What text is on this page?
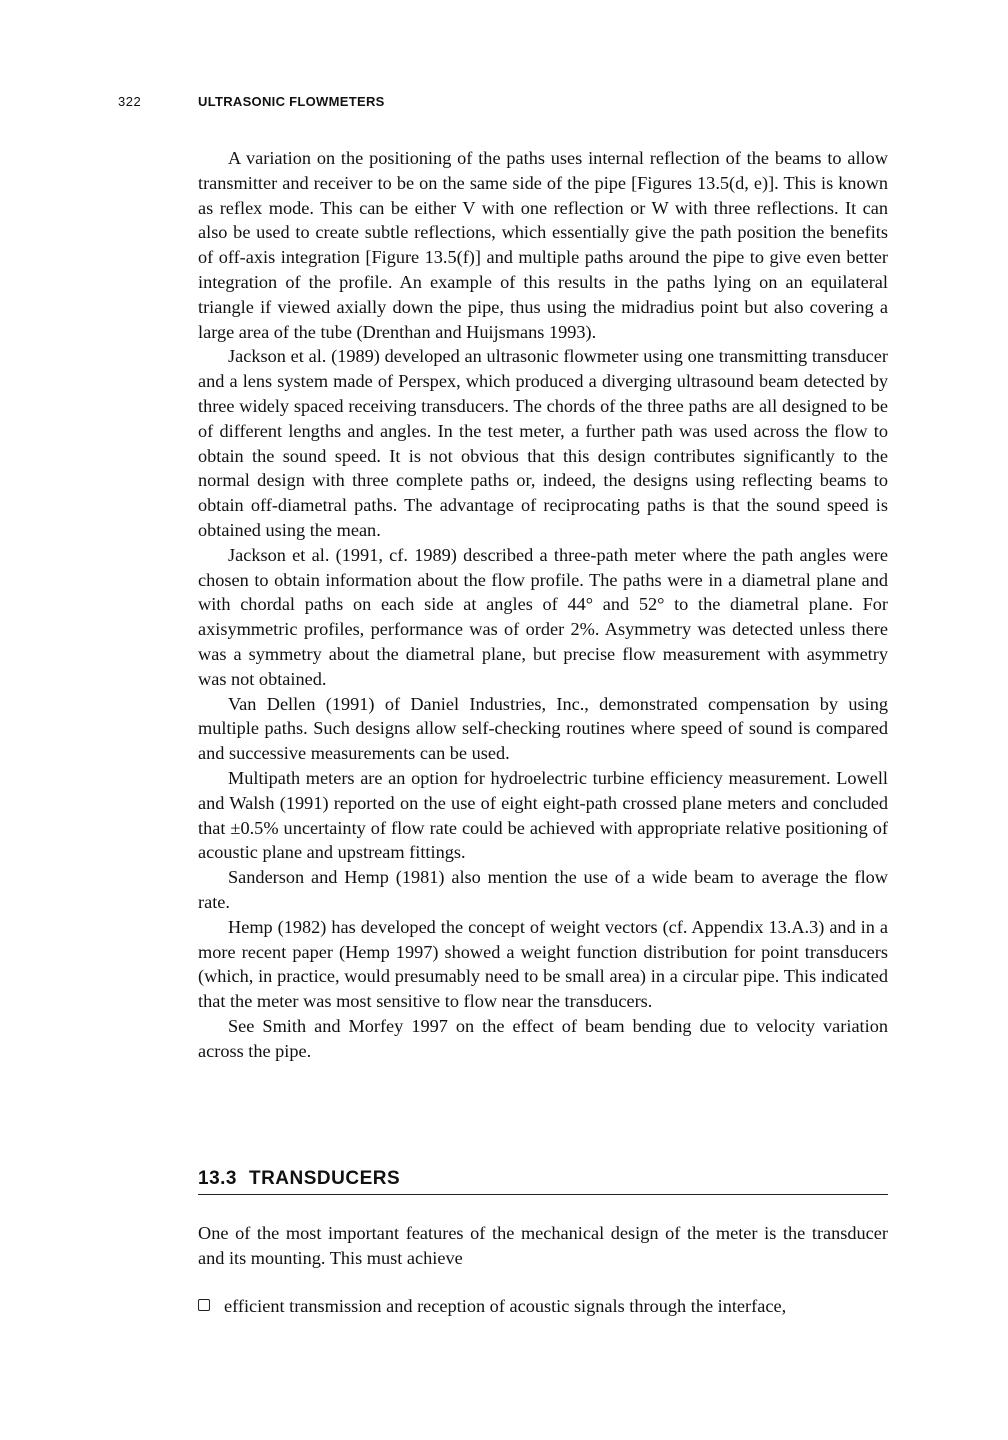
322	ULTRASONIC FLOWMETERS

A variation on the positioning of the paths uses internal reflection of the beams to allow transmitter and receiver to be on the same side of the pipe [Figures 13.5(d, e)]. This is known as reflex mode. This can be either V with one reflection or W with three reflections. It can also be used to create subtle reflections, which essentially give the path position the benefits of off-axis integration [Figure 13.5(f)] and multiple paths around the pipe to give even better integration of the profile. An example of this results in the paths lying on an equilateral triangle if viewed axially down the pipe, thus using the midradius point but also covering a large area of the tube (Drenthan and Huijsmans 1993).

Jackson et al. (1989) developed an ultrasonic flowmeter using one transmitting transducer and a lens system made of Perspex, which produced a diverging ultrasound beam detected by three widely spaced receiving transducers. The chords of the three paths are all designed to be of different lengths and angles. In the test meter, a further path was used across the flow to obtain the sound speed. It is not obvious that this design contributes significantly to the normal design with three complete paths or, indeed, the designs using reflecting beams to obtain off-diametral paths. The advantage of reciprocating paths is that the sound speed is obtained using the mean.

Jackson et al. (1991, cf. 1989) described a three-path meter where the path angles were chosen to obtain information about the flow profile. The paths were in a diametral plane and with chordal paths on each side at angles of 44° and 52° to the diametral plane. For axisymmetric profiles, performance was of order 2%. Asymmetry was detected unless there was a symmetry about the diametral plane, but precise flow measurement with asymmetry was not obtained.

Van Dellen (1991) of Daniel Industries, Inc., demonstrated compensation by using multiple paths. Such designs allow self-checking routines where speed of sound is compared and successive measurements can be used.

Multipath meters are an option for hydroelectric turbine efficiency measurement. Lowell and Walsh (1991) reported on the use of eight eight-path crossed plane meters and concluded that ±0.5% uncertainty of flow rate could be achieved with appropriate relative positioning of acoustic plane and upstream fittings.

Sanderson and Hemp (1981) also mention the use of a wide beam to average the flow rate.

Hemp (1982) has developed the concept of weight vectors (cf. Appendix 13.A.3) and in a more recent paper (Hemp 1997) showed a weight function distribution for point transducers (which, in practice, would presumably need to be small area) in a circular pipe. This indicated that the meter was most sensitive to flow near the transducers.

See Smith and Morfey 1997 on the effect of beam bending due to velocity variation across the pipe.

13.3 TRANSDUCERS

One of the most important features of the mechanical design of the meter is the transducer and its mounting. This must achieve

efficient transmission and reception of acoustic signals through the interface,
